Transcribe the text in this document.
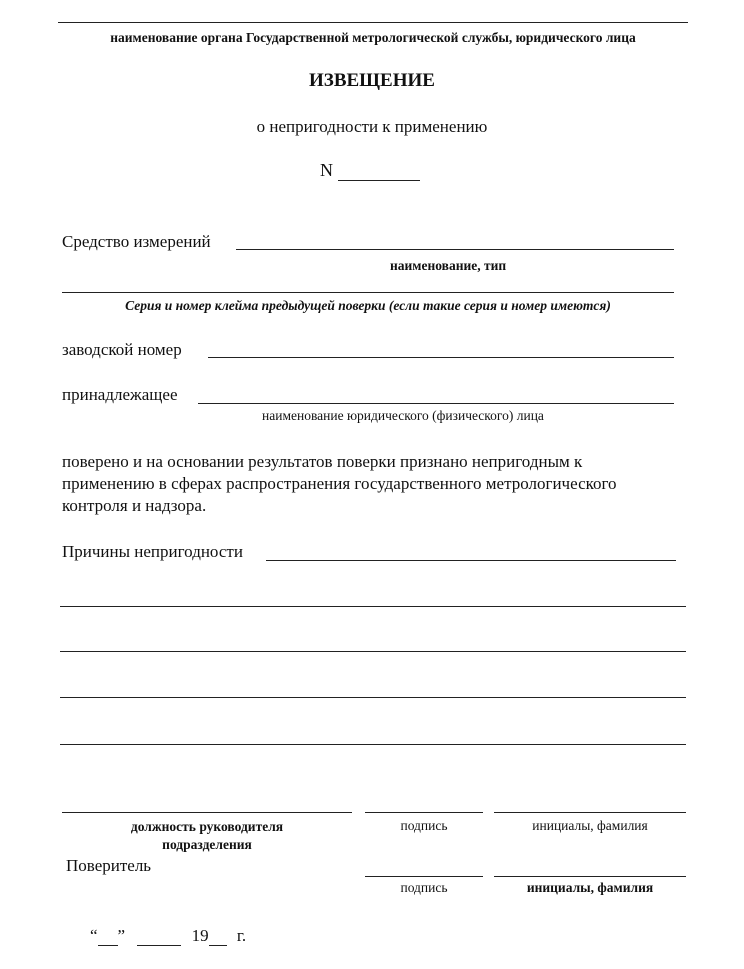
наименование органа Государственной метрологической службы, юридического лица
ИЗВЕЩЕНИЕ
о непригодности к применению
N
Средство измерений
наименование, тип
Серия и номер клейма предыдущей поверки (если такие серия и номер имеются)
заводской номер
принадлежащее
наименование юридического (физического) лица
поверено и на основании результатов поверки признано непригодным к
применению в сферах распространения государственного метрологического
контроля и надзора.
Причины непригодности
должность руководителя
подразделения
подпись	инициалы, фамилия
Поверитель
подпись	инициалы, фамилия
“ ”	19 г.
